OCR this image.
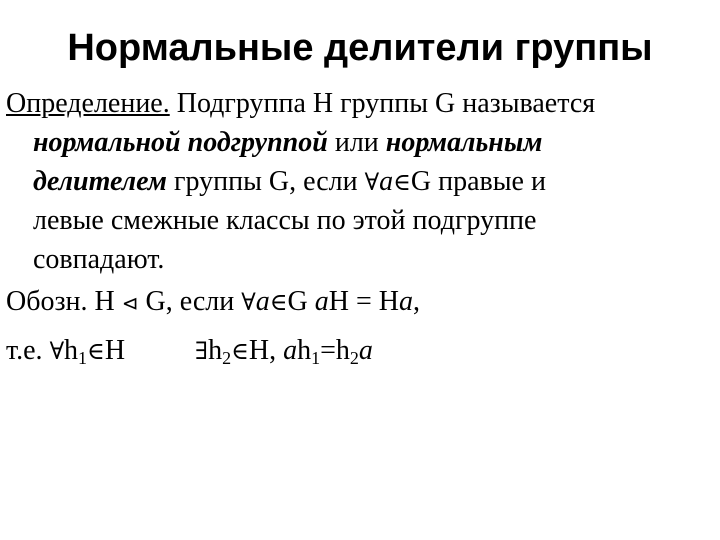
Нормальные делители группы
Определение. Подгруппа H группы G называется
нормальной подгруппой или нормальным
делителем группы G, если ∀a∈G правые и
левые смежные классы по этой подгруппе
совпадают.
Обозн. H ⊲ G, если ∀a∈G aH = Ha,
т.е. $\forall h_1\in H$	$\exists h_2\in H$, $ah_1=h_2a$
